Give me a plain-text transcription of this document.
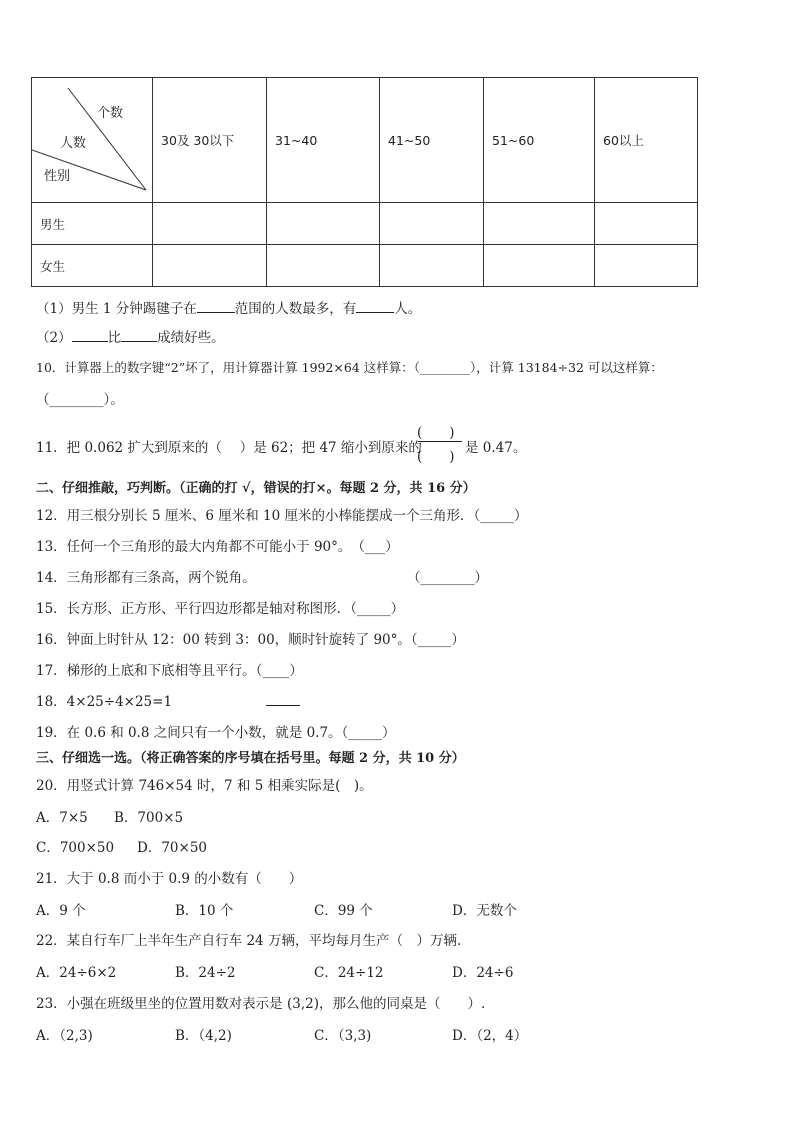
个数
人数
性别	30及 30以下	31~40	41~50	51~60	60以上
男生					
女生					
（1）男生 1 分钟踢毽子在	范围的人数最多，有	人。
（2）	比	成绩好些。
10．计算器上的数字键“2”坏了，用计算器计算 1992×64 这样算：（________），计算 13184÷32 可以这样算：
（________）。
11．把 0.062 扩大到原来的（　 ）是 62；把 47 缩小到原来的
(　　)
(　　)
是 0.47。
二、仔细推敲，巧判断。（正确的打 √，错误的打×。每题 2 分，共 16 分）
12．用三根分别长 5 厘米、6 厘米和 10 厘米的小棒能摆成一个三角形．（_____）
13．任何一个三角形的最大内角都不可能小于 90°。　（___）
14．三角形都有三条高，两个锐角。	（________）
15．长方形、正方形、平行四边形都是轴对称图形．（_____）
16．钟面上时针从 12：00 转到 3：00，顺时针旋转了 90°。（_____）
17．梯形的上底和下底相等且平行。（____）
18．4×25÷4×25=1
19．在 0.6 和 0.8 之间只有一个小数，就是 0.7。（_____）
三、仔细选一选。（将正确答案的序号填在括号里。每题 2 分，共 10 分）
20．用竖式计算 746×54 时，7 和 5 相乘实际是(　)。
A．7×5 B．700×5
C．700×50 D．70×50
21．大于 0.8 而小于 0.9 的小数有（　　）
A．9 个	B．10 个	C．99 个	D．无数个
22．某自行车厂上半年生产自行车 24 万辆，平均每月生产（　）万辆.
A．24÷6×2	B．24÷2	C．24÷12	D．24÷6
23．小强在班级里坐的位置用数对表示是 (3,2)，那么他的同桌是（　　）.
A．（2,3)	B．（4,2)	C．（3,3)	D．（2，4）
